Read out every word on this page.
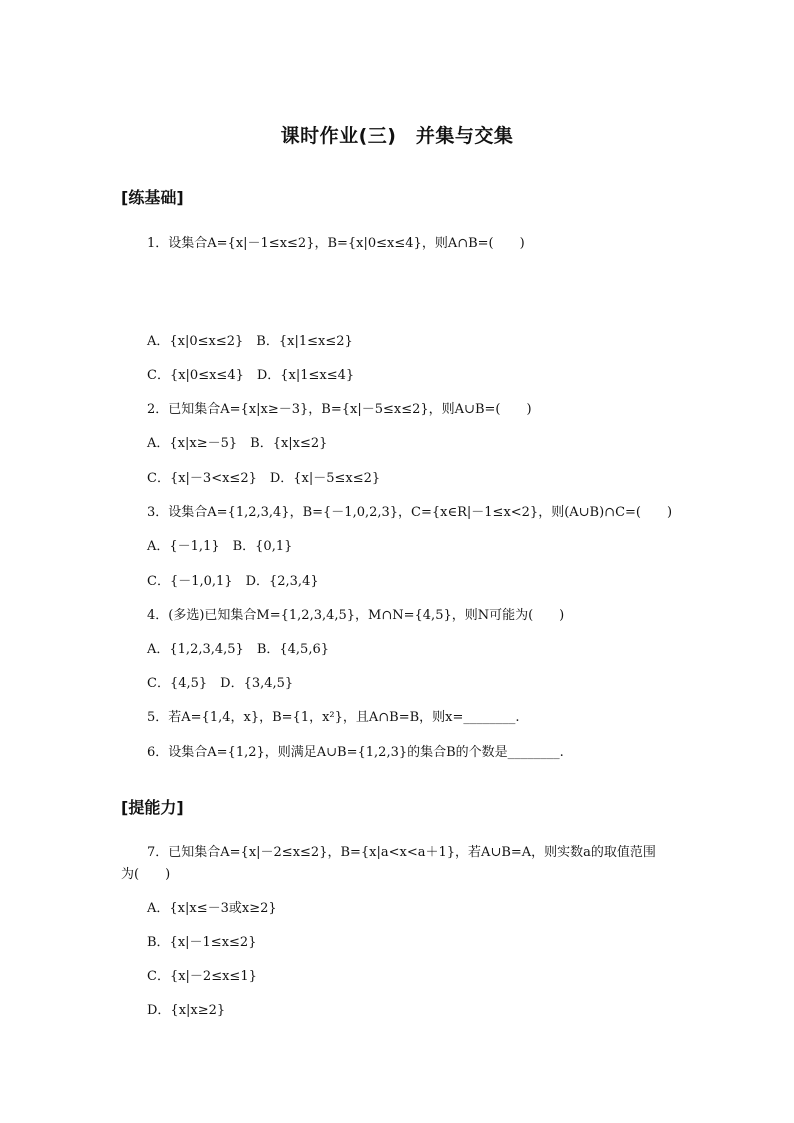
课时作业(三)　并集与交集
[练基础]
1．设集合A={x|－1≤x≤2}，B={x|0≤x≤4}，则A∩B=(　　)
A．{x|0≤x≤2}　B．{x|1≤x≤2}
C．{x|0≤x≤4}　D．{x|1≤x≤4}
2．已知集合A={x|x≥－3}，B={x|－5≤x≤2}，则A∪B=(　　)
A．{x|x≥－5}　B．{x|x≤2}
C．{x|－3<x≤2}　D．{x|－5≤x≤2}
3．设集合A={1,2,3,4}，B={－1,0,2,3}，C={x∈R|－1≤x<2}，则(A∪B)∩C=(　　)
A．{－1,1}　B．{0,1}
C．{－1,0,1}　D．{2,3,4}
4．(多选)已知集合M={1,2,3,4,5}，M∩N={4,5}，则N可能为(　　)
A．{1,2,3,4,5}　B．{4,5,6}
C．{4,5}　D．{3,4,5}
5．若A={1,4，x}，B={1，x²}，且A∩B=B，则x=________.
6．设集合A={1,2}，则满足A∪B={1,2,3}的集合B的个数是________.
[提能力]
7．已知集合A={x|－2≤x≤2}，B={x|a<x<a＋1}，若A∪B=A，则实数a的取值范围
为(　　)
A．{x|x≤－3或x≥2}
B．{x|－1≤x≤2}
C．{x|－2≤x≤1}
D．{x|x≥2}
